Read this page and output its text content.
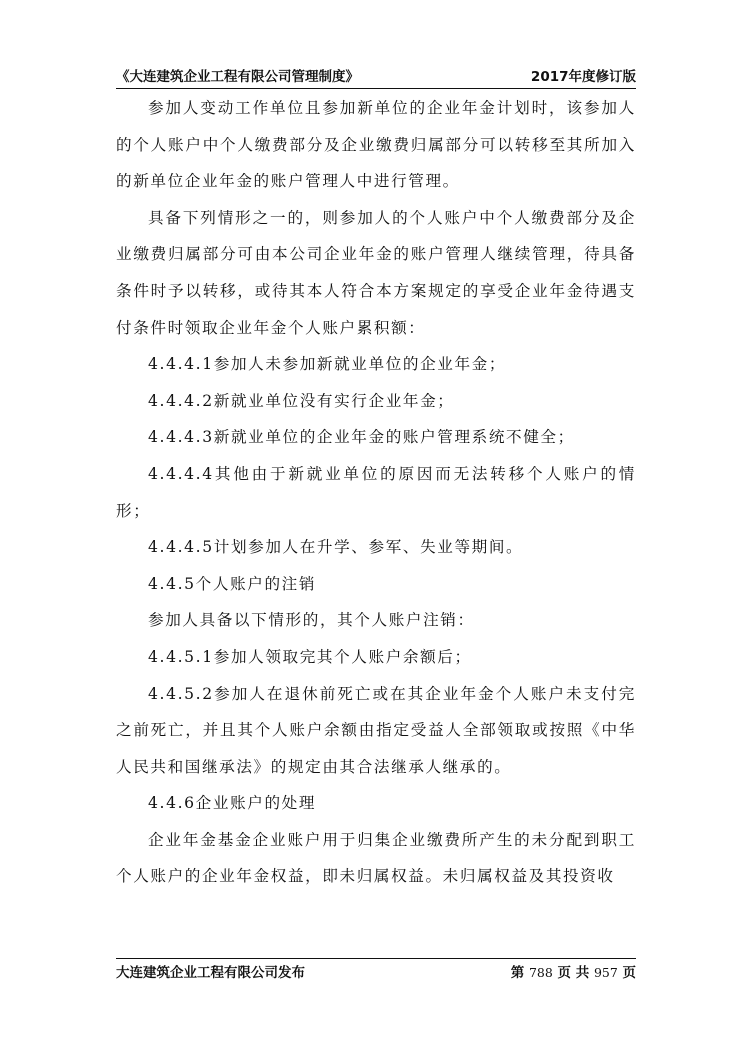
《大连建筑企业工程有限公司管理制度》	2017年度修订版

参加人变动工作单位且参加新单位的企业年金计划时，该参加人的个人账户中个人缴费部分及企业缴费归属部分可以转移至其所加入的新单位企业年金的账户管理人中进行管理。

具备下列情形之一的，则参加人的个人账户中个人缴费部分及企业缴费归属部分可由本公司企业年金的账户管理人继续管理，待具备条件时予以转移，或待其本人符合本方案规定的享受企业年金待遇支付条件时领取企业年金个人账户累积额：

4.4.4.1参加人未参加新就业单位的企业年金；

4.4.4.2新就业单位没有实行企业年金；

4.4.4.3新就业单位的企业年金的账户管理系统不健全；

4.4.4.4其他由于新就业单位的原因而无法转移个人账户的情形；

4.4.4.5计划参加人在升学、参军、失业等期间。

4.4.5个人账户的注销

参加人具备以下情形的，其个人账户注销：

4.4.5.1参加人领取完其个人账户余额后；

4.4.5.2参加人在退休前死亡或在其企业年金个人账户未支付完之前死亡，并且其个人账户余额由指定受益人全部领取或按照《中华人民共和国继承法》的规定由其合法继承人继承的。

4.4.6企业账户的处理

企业年金基金企业账户用于归集企业缴费所产生的未分配到职工个人账户的企业年金权益，即未归属权益。未归属权益及其投资收

大连建筑企业工程有限公司发布	第 788 页 共 957 页
